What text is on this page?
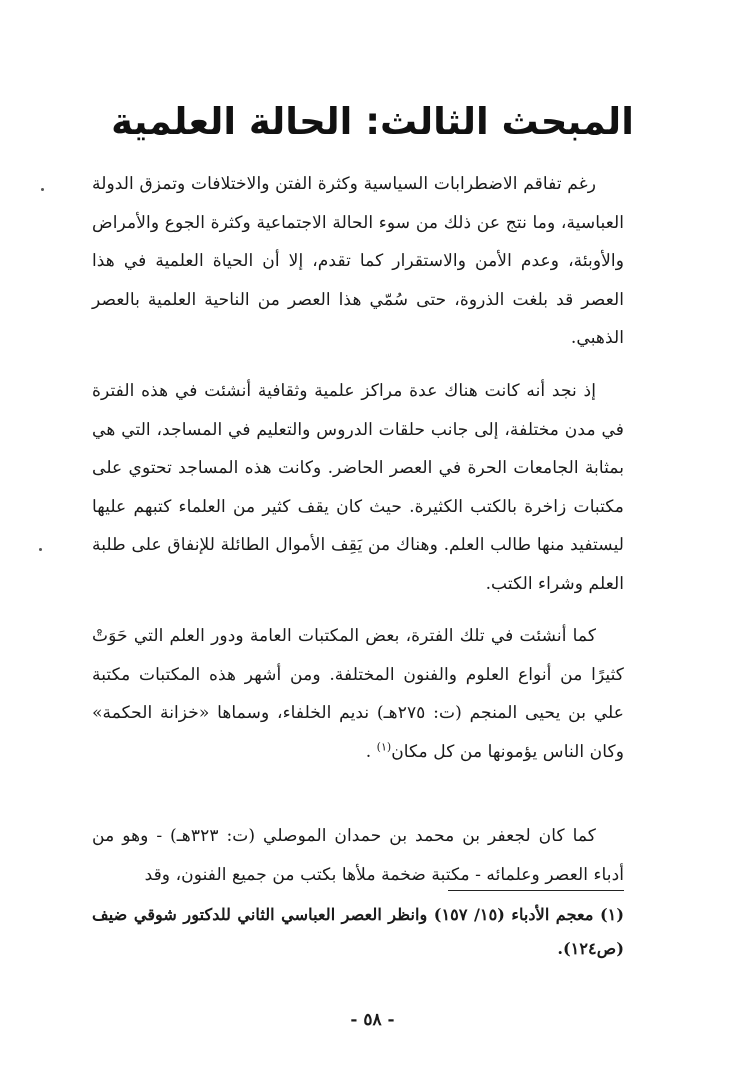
المبحث الثالث: الحالة العلمية

رغم تفاقم الاضطرابات السياسية وكثرة الفتن والاختلافات وتمزق الدولة العباسية، وما نتج عن ذلك من سوء الحالة الاجتماعية وكثرة الجوع والأمراض والأوبئة، وعدم الأمن والاستقرار كما تقدم، إلا أن الحياة العلمية في هذا العصر قد بلغت الذروة، حتى سُمّي هذا العصر من الناحية العلمية بالعصر الذهبي.

إذ نجد أنه كانت هناك عدة مراكز علمية وثقافية أنشئت في هذه الفترة في مدن مختلفة، إلى جانب حلقات الدروس والتعليم في المساجد، التي هي بمثابة الجامعات الحرة في العصر الحاضر. وكانت هذه المساجد تحتوي على مكتبات زاخرة بالكتب الكثيرة. حيث كان يقف كثير من العلماء كتبهم عليها ليستفيد منها طالب العلم. وهناك من يَقِف الأموال الطائلة للإنفاق على طلبة العلم وشراء الكتب.

كما أنشئت في تلك الفترة، بعض المكتبات العامة ودور العلم التي حَوَتْ كثيرًا من أنواع العلوم والفنون المختلفة. ومن أشهر هذه المكتبات مكتبة علي بن يحيى المنجم (ت: ٢٧٥هـ) نديم الخلفاء، وسماها «خزانة الحكمة» وكان الناس يؤمونها من كل مكان$^{(١)}$ .

كما كان لجعفر بن محمد بن حمدان الموصلي (ت: ٣٢٣هـ) - وهو من أدباء العصر وعلمائه - مكتبة ضخمة ملأها بكتب من جميع الفنون، وقد

(١) معجم الأدباء (١٥/ ١٥٧) وانظر العصر العباسي الثاني للدكتور شوقي ضيف (ص١٢٤).

- ٥٨ -
